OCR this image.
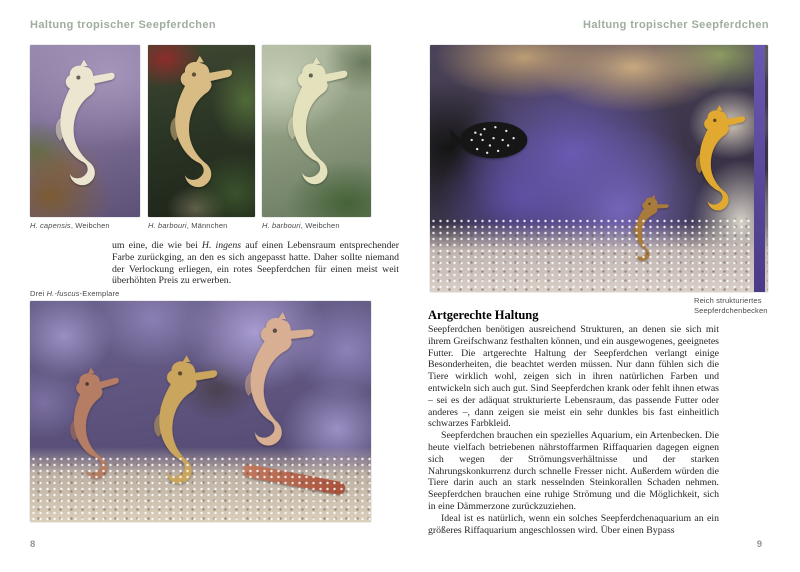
Haltung tropischer Seepferdchen
H. capensis, Weibchen	H. barbouri, Männchen	H. barbouri, Weibchen
um eine, die wie bei H. ingens auf einen Lebensraum entsprechender Farbe zurückging, an den es sich angepasst hatte. Daher sollte niemand der Verlockung erliegen, ein rotes Seepferdchen für einen meist weit überhöhten Preis zu erwerben.
Drei H.-fuscus-Exemplare
8
Haltung tropischer Seepferdchen
Reich strukturiertes Seepferdchenbecken
Artgerechte Haltung

Seepferdchen benötigen ausreichend Strukturen, an denen sie sich mit ihrem Greifschwanz festhalten können, und ein ausgewogenes, geeignetes Futter. Die artgerechte Haltung der Seepferdchen verlangt einige Besonderheiten, die beachtet werden müssen. Nur dann fühlen sich die Tiere wirklich wohl, zeigen sich in ihren natürlichen Farben und entwickeln sich auch gut. Sind Seepferdchen krank oder fehlt ihnen etwas – sei es der adäquat strukturierte Lebensraum, das passende Futter oder anderes –, dann zeigen sie meist ein sehr dunkles bis fast einheitlich schwarzes Farbkleid.

Seepferdchen brauchen ein spezielles Aquarium, ein Artenbecken. Die heute vielfach betriebenen nährstoffarmen Riffaquarien dagegen eignen sich wegen der Strömungsverhältnisse und der starken Nahrungskonkurrenz durch schnelle Fresser nicht. Außerdem würden die Tiere darin auch an stark nesselnden Steinkorallen Schaden nehmen. Seepferdchen brauchen eine ruhige Strömung und die Möglichkeit, sich in eine Dämmerzone zurückzuziehen.

Ideal ist es natürlich, wenn ein solches Seepferdchenaquarium an ein größeres Riffaquarium angeschlossen wird. Über einen Bypass

9
